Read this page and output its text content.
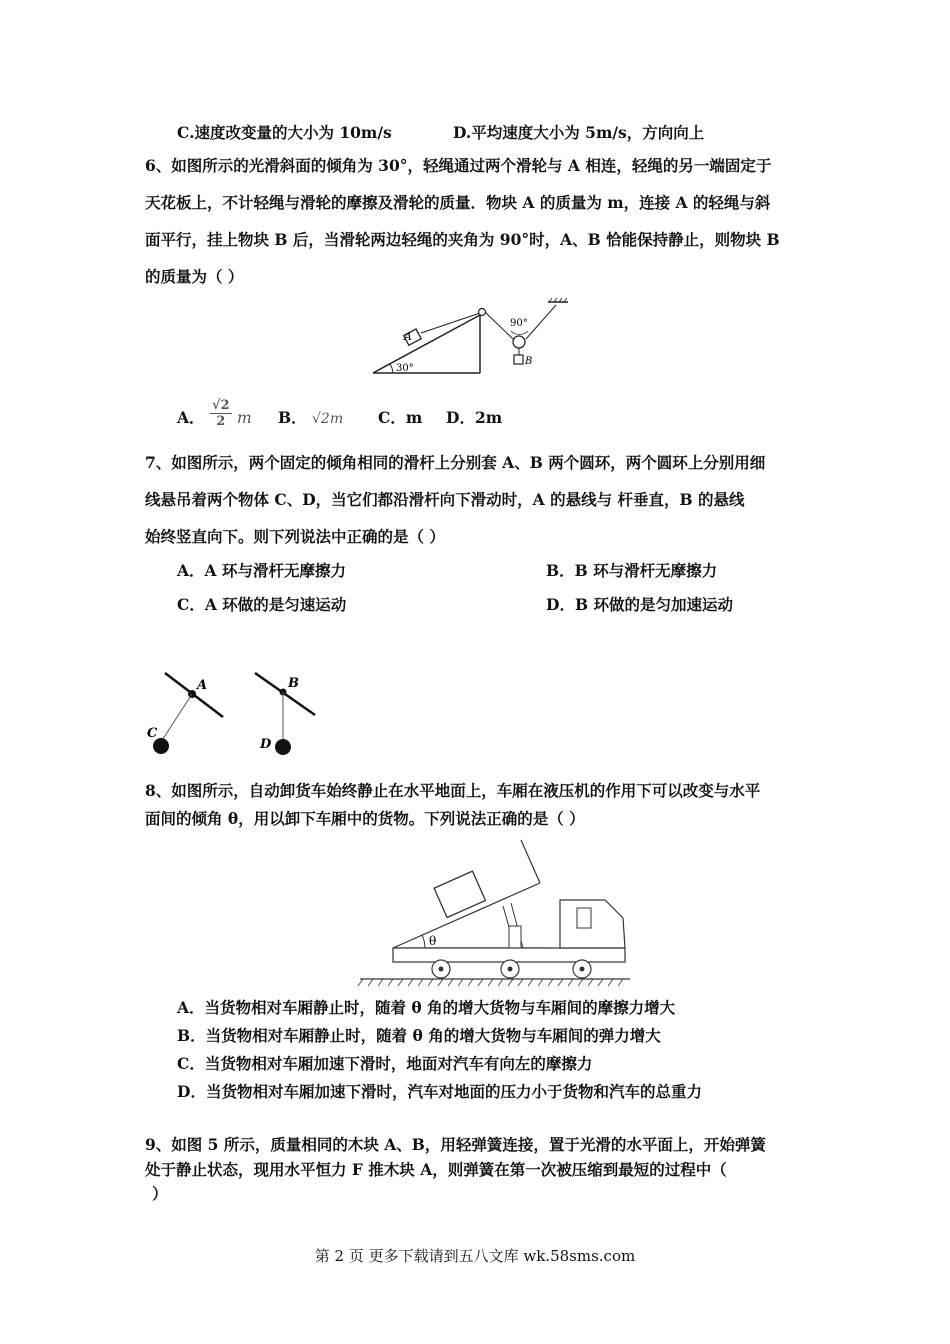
C.速度改变量的大小为 10m/s	D.平均速度大小为 5m/s，方向向上
6、如图所示的光滑斜面的倾角为 30°，轻绳通过两个滑轮与 A 相连，轻绳的另一端固定于
天花板上，不计轻绳与滑轮的摩擦及滑轮的质量．物块 A 的质量为 m，连接 A 的轻绳与斜
面平行，挂上物块 B 后，当滑轮两边轻绳的夹角为 90°时，A、B 恰能保持静止，则物块 B
的质量为（ ）
30°
A
90°
B
A． $\frac{√2}{2}$ m B． √2m C．m D．2m
7、如图所示，两个固定的倾角相同的滑杆上分别套 A、B 两个圆环，两个圆环上分别用细
线悬吊着两个物体 C、D，当它们都沿滑杆向下滑动时，A 的悬线与 杆垂直，B 的悬线
始终竖直向下。则下列说法中正确的是（ ）
A．A 环与滑杆无摩擦力	B．B 环与滑杆无摩擦力
C．A 环做的是匀速运动	D．B 环做的是匀加速运动
A
C
B
D
8、如图所示，自动卸货车始终静止在水平地面上，车厢在液压机的作用下可以改变与水平
面间的倾角 θ，用以卸下车厢中的货物。下列说法正确的是（ ）
θ
A．当货物相对车厢静止时，随着 θ 角的增大货物与车厢间的摩擦力增大
B．当货物相对车厢静止时，随着 θ 角的增大货物与车厢间的弹力增大
C．当货物相对车厢加速下滑时，地面对汽车有向左的摩擦力
D．当货物相对车厢加速下滑时，汽车对地面的压力小于货物和汽车的总重力
9、如图 5 所示，质量相同的木块 A、B，用轻弹簧连接，置于光滑的水平面上，开始弹簧
处于静止状态，现用水平恒力 F 推木块 A，则弹簧在第一次被压缩到最短的过程中（
）
第 2 页 更多下载请到五八文库 wk.58sms.com
